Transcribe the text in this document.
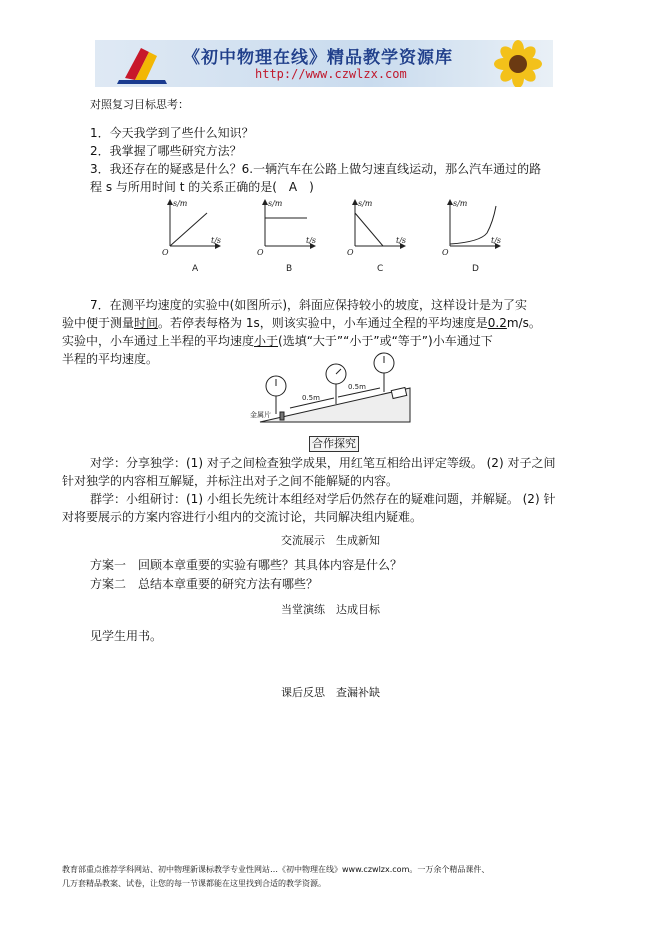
《初中物理在线》精品教学资源库
http://www.czwlzx.com
对照复习目标思考：
1．今天我学到了些什么知识？
2．我掌握了哪些研究方法？
3．我还存在的疑惑是什么？6.一辆汽车在公路上做匀速直线运动，那么汽车通过的路
程 s 与所用时间 t 的关系正确的是(　A　)
s/m
t/s
O
s/m
t/s
O
s/m
t/s
O
s/m
t/s
O
A	B	C	D
7．在测平均速度的实验中(如图所示)，斜面应保持较小的坡度，这样设计是为了实
验中便于测量时间。若停表每格为 1s，则该实验中，小车通过全程的平均速度是0.2m/s。
实验中，小车通过上半程的平均速度小于(选填“大于”“小于”或“等于”)小车通过下
半程的平均速度。
0.5m
0.5m
金属片
合作探究
对学：分享独学：(1) 对子之间检查独学成果，用红笔互相给出评定等级。 (2) 对子之间
针对独学的内容相互解疑，并标注出对子之间不能解疑的内容。
群学：小组研讨：(1) 小组长先统计本组经对学后仍然存在的疑难问题，并解疑。 (2) 针
对将要展示的方案内容进行小组内的交流讨论，共同解决组内疑难。
交流展示　生成新知
方案一　回顾本章重要的实验有哪些？其具体内容是什么？
方案二　总结本章重要的研究方法有哪些？
当堂演练　达成目标
见学生用书。
课后反思　查漏补缺
教育部重点推荐学科网站、初中物理新课标教学专业性网站…《初中物理在线》www.czwlzx.com。一万余个精品课件、
几万套精品教案、试卷，让您的每一节课都能在这里找到合适的教学资源。
